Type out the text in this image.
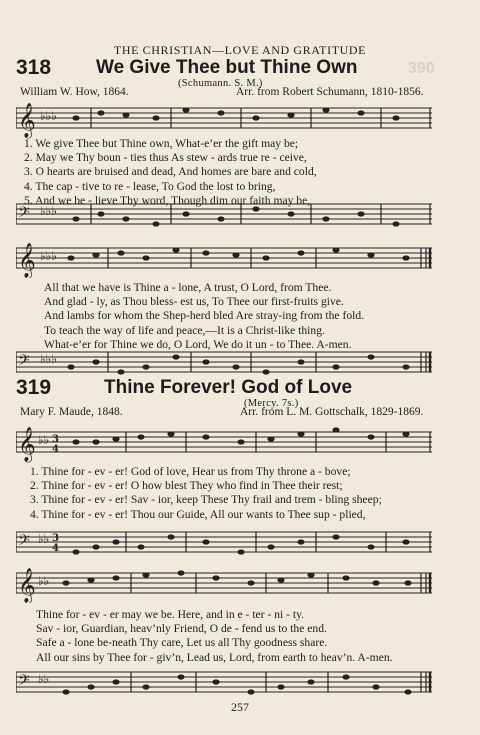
390
THE CHRISTIAN—LOVE AND GRATITUDE
318 We Give Thee but Thine Own
(Schumann. S. M.)
William W. How, 1864.	Arr. from Robert Schumann, 1810-1856.
𝄞 ♭♭♭
1. We give Thee but Thine own, What-e’er the gift may be;
2. May we Thy boun - ties thus As stew - ards true re - ceive,
3. O hearts are bruised and dead, And homes are bare and cold,
4. The cap - tive to re - lease, To God the lost to bring,
5. And we be - lieve Thy word, Though dim our faith may be,
𝄢 ♭♭♭
𝄞 ♭♭♭
All that we have is Thine a - lone, A trust, O Lord, from Thee.
And glad - ly, as Thou bless- est us, To Thee our first-fruits give.
And lambs for whom the Shep-herd bled Are stray-ing from the fold.
To teach the way of life and peace,—It is a Christ-like thing.
What-e’er for Thine we do, O Lord, We do it un - to Thee. A-men.
𝄢 ♭♭♭
319	Thine Forever! God of Love
(Mercy. 7s.)
Mary F. Maude, 1848.	Arr. from L. M. Gottschalk, 1829-1869.
𝄞 ♭♭ 3
4
1. Thine for - ev - er! God of love, Hear us from Thy throne a - bove;
2. Thine for - ev - er! O how blest They who find in Thee their rest;
3. Thine for - ev - er! Sav - ior, keep These Thy frail and trem - bling sheep;
4. Thine for - ev - er! Thou our Guide, All our wants to Thee sup - plied,
𝄢 ♭♭ 3
4
𝄞 ♭♭
Thine for - ev - er may we be. Here, and in e - ter - ni - ty.
Sav - ior, Guardian, heav’nly Friend, O de - fend us to the end.
Safe a - lone be-neath Thy care, Let us all Thy goodness share.
All our sins by Thee for - giv’n, Lead us, Lord, from earth to heav’n. A-men.
𝄢 ♭♭
257
